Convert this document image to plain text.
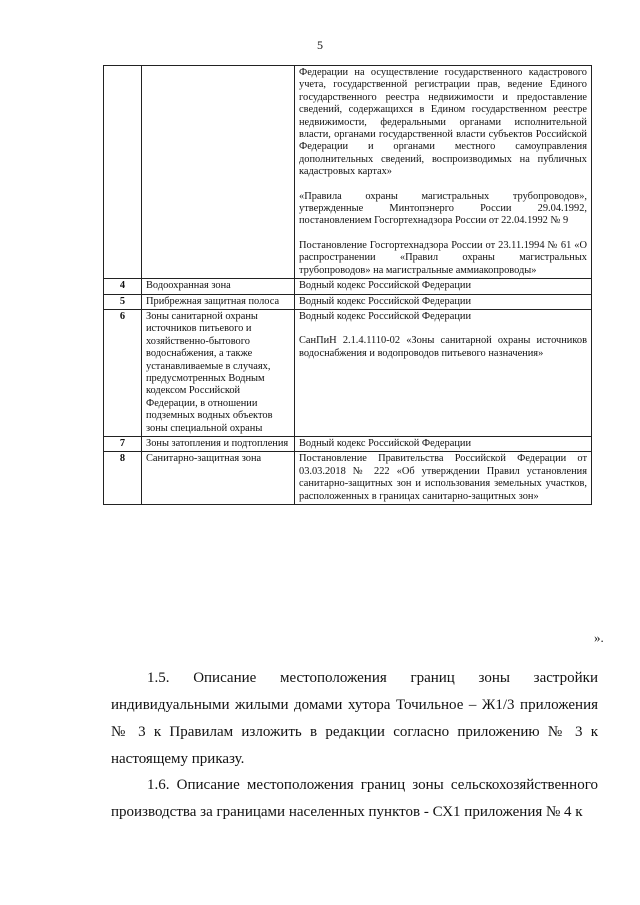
5

		Федерации на осуществление государственного кадастрового учета, государственной регистрации прав, ведение Единого государственного реестра недвижимости и предоставление сведений, содержащихся в Едином государственном реестре недвижимости, федеральными органами исполнительной власти, органами государственной власти субъектов Российской Федерации и органами местного самоуправления дополнительных сведений, воспроизводимых на публичных кадастровых картах»

«Правила охраны магистральных трубопроводов», утвержденные Минтопэнерго России 29.04.1992, постановлением Госгортехнадзора России от 22.04.1992 № 9

Постановление Госгортехнадзора России от 23.11.1994 № 61 «О распространении «Правил охраны магистральных трубопроводов» на магистральные аммиакопроводы»

4	Водоохранная зона	Водный кодекс Российской Федерации

5	Прибрежная защитная полоса	Водный кодекс Российской Федерации

6	Зоны санитарной охраны источников питьевого и хозяйственно-бытового водоснабжения, а также устанавливаемые в случаях, предусмотренных Водным кодексом Российской Федерации, в отношении подземных водных объектов зоны специальной охраны	Водный кодекс Российской Федерации

СанПиН 2.1.4.1110-02 «Зоны санитарной охраны источников водоснабжения и водопроводов питьевого назначения»

7	Зоны затопления и подтопления	Водный кодекс Российской Федерации

8	Санитарно-защитная зона	Постановление Правительства Российской Федерации от 03.03.2018 № 222 «Об утверждении Правил установления санитарно-защитных зон и использования земельных участков, расположенных в границах санитарно-защитных зон»

».

1.5. Описание местоположения границ зоны застройки индивидуальными жилыми домами хутора Точильное – Ж1/3 приложения № 3 к Правилам изложить в редакции согласно приложению № 3 к настоящему приказу.

1.6. Описание местоположения границ зоны сельскохозяйственного производства за границами населенных пунктов - СХ1 приложения № 4 к
